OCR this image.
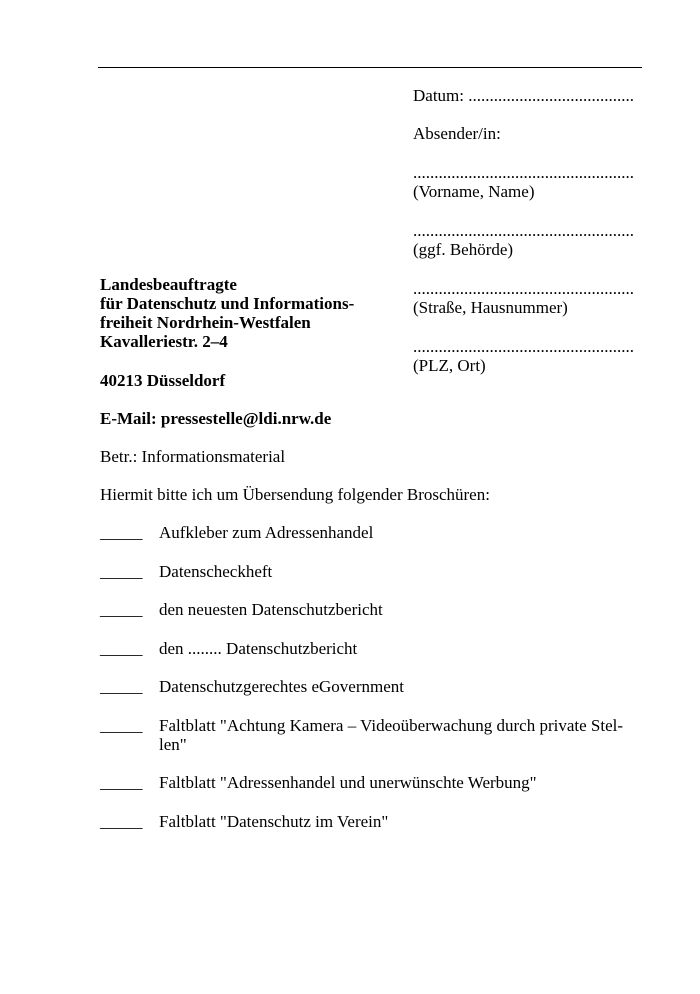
Datum: .......................................
Absender/in:
....................................................
(Vorname, Name)
....................................................
(ggf. Behörde)
....................................................
(Straße, Hausnummer)
....................................................
(PLZ, Ort)
Landesbeauftragte
für Datenschutz und Informations-
freiheit Nordrhein-Westfalen
Kavalleriestr. 2–4
40213 Düsseldorf
E-Mail: pressestelle@ldi.nrw.de
Betr.: Informationsmaterial
Hiermit bitte ich um Übersendung folgender Broschüren:
_____ Aufkleber zum Adressenhandel
_____ Datenscheckheft
_____ den neuesten Datenschutzbericht
_____ den ........ Datenschutzbericht
_____ Datenschutzgerechtes eGovernment
_____ Faltblatt "Achtung Kamera – Videoüberwachung durch private Stel- len"
_____ Faltblatt "Adressenhandel und unerwünschte Werbung"
_____ Faltblatt "Datenschutz im Verein"
